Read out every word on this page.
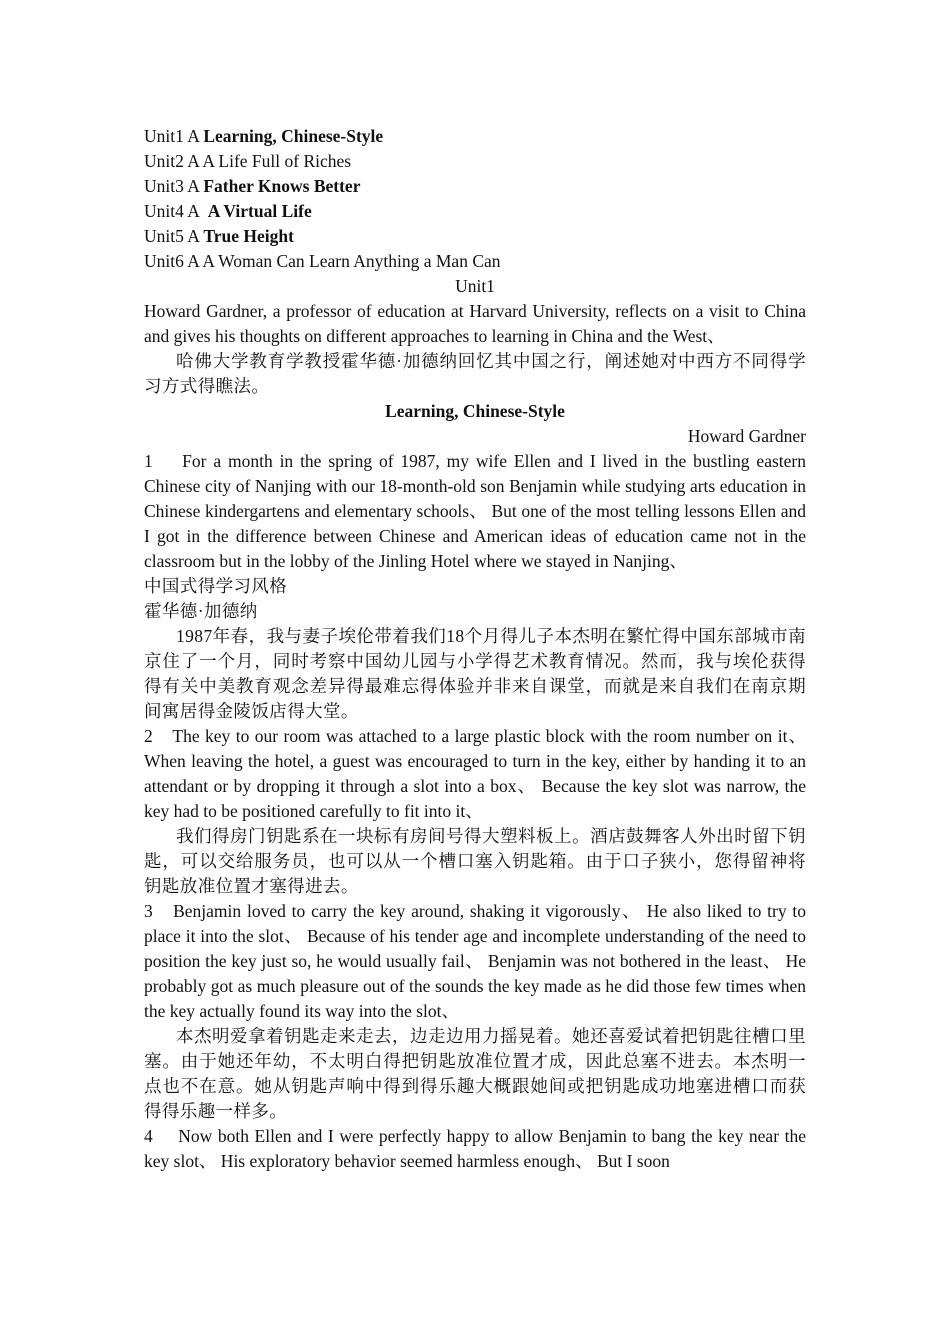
Unit1 A Learning, Chinese-Style
Unit2 A A Life Full of Riches
Unit3 A Father Knows Better
Unit4 A  A Virtual Life
Unit5 A True Height
Unit6 A A Woman Can Learn Anything a Man Can

Unit1

Howard Gardner, a professor of education at Harvard University, reflects on a visit to China and gives his thoughts on different approaches to learning in China and the West、

哈佛大学教育学教授霍华德·加德纳回忆其中国之行，阐述她对中西方不同得学习方式得瞧法。

Learning, Chinese-Style

Howard Gardner

1　 For a month in the spring of 1987, my wife Ellen and I lived in the bustling eastern Chinese city of Nanjing with our 18-month-old son Benjamin while studying arts education in Chinese kindergartens and elementary schools、 But one of the most telling lessons Ellen and I got in the difference between Chinese and American ideas of education came not in the classroom but in the lobby of the Jinling Hotel where we stayed in Nanjing、

中国式得学习风格

霍华德·加德纳

1987年春，我与妻子埃伦带着我们18个月得儿子本杰明在繁忙得中国东部城市南京住了一个月，同时考察中国幼儿园与小学得艺术教育情况。然而，我与埃伦获得得有关中美教育观念差异得最难忘得体验并非来自课堂，而就是来自我们在南京期间寓居得金陵饭店得大堂。

2　The key to our room was attached to a large plastic block with the room number on it、 When leaving the hotel, a guest was encouraged to turn in the key, either by handing it to an attendant or by dropping it through a slot into a box、 Because the key slot was narrow, the key had to be positioned carefully to fit into it、

我们得房门钥匙系在一块标有房间号得大塑料板上。酒店鼓舞客人外出时留下钥匙，可以交给服务员，也可以从一个槽口塞入钥匙箱。由于口子狭小，您得留神将钥匙放准位置才塞得进去。

3　Benjamin loved to carry the key around, shaking it vigorously、 He also liked to try to place it into the slot、 Because of his tender age and incomplete understanding of the need to position the key just so, he would usually fail、 Benjamin was not bothered in the least、 He probably got as much pleasure out of the sounds the key made as he did those few times when the key actually found its way into the slot、

本杰明爱拿着钥匙走来走去，边走边用力摇晃着。她还喜爱试着把钥匙往槽口里塞。由于她还年幼，不太明白得把钥匙放准位置才成，因此总塞不进去。本杰明一点也不在意。她从钥匙声响中得到得乐趣大概跟她间或把钥匙成功地塞进槽口而获得得乐趣一样多。

4　 Now both Ellen and I were perfectly happy to allow Benjamin to bang the key near the key slot、 His exploratory behavior seemed harmless enough、 But I soon
